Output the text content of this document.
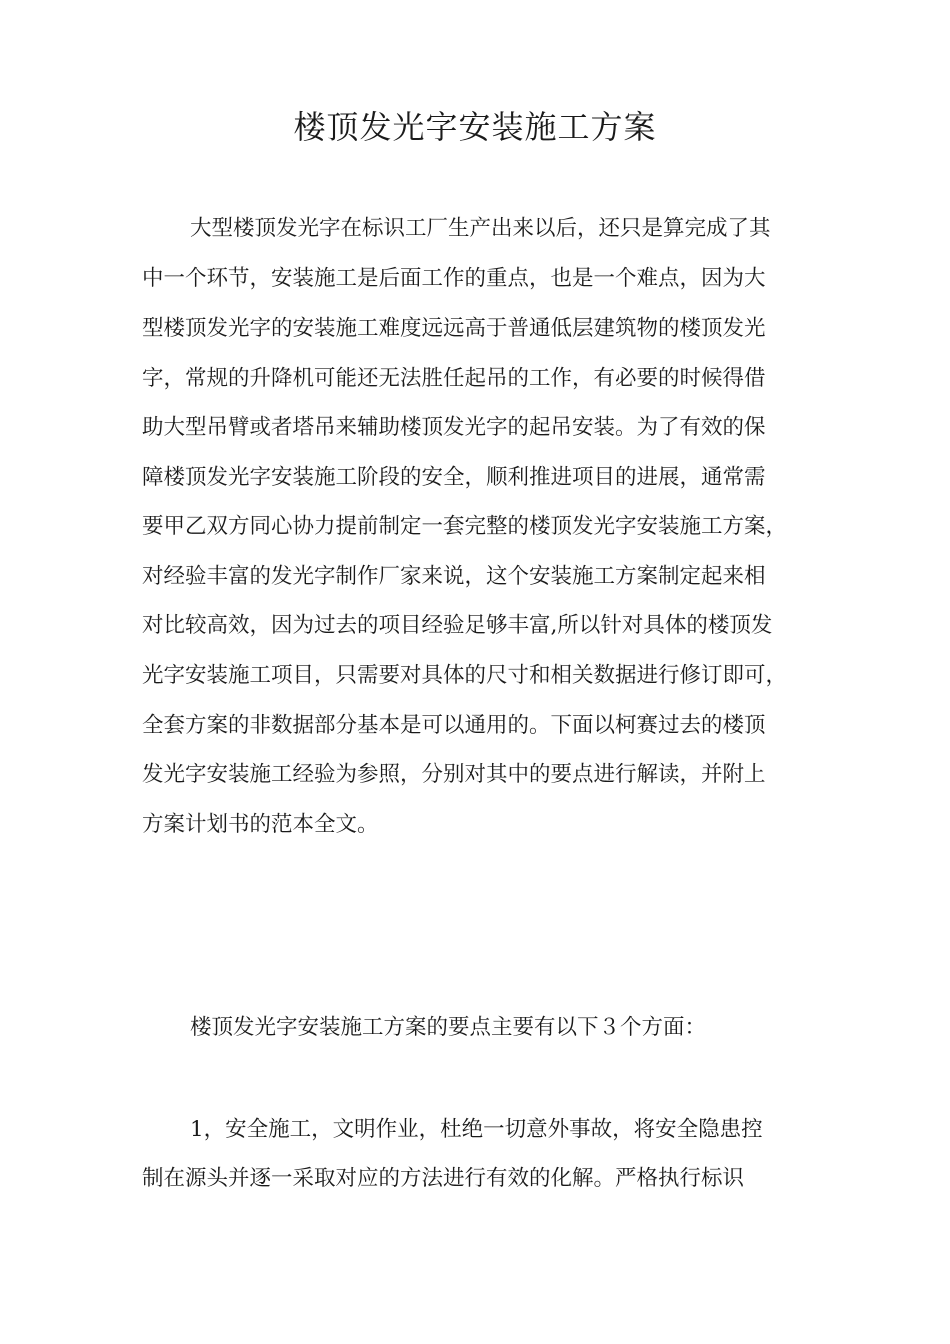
楼顶发光字安装施工方案

大型楼顶发光字在标识工厂生产出来以后，还只是算完成了其

中一个环节，安装施工是后面工作的重点，也是一个难点，因为大

型楼顶发光字的安装施工难度远远高于普通低层建筑物的楼顶发光

字，常规的升降机可能还无法胜任起吊的工作，有必要的时候得借

助大型吊臂或者塔吊来辅助楼顶发光字的起吊安装。为了有效的保

障楼顶发光字安装施工阶段的安全，顺利推进项目的进展，通常需

要甲乙双方同心协力提前制定一套完整的楼顶发光字安装施工方案，

对经验丰富的发光字制作厂家来说，这个安装施工方案制定起来相

对比较高效，因为过去的项目经验足够丰富,所以针对具体的楼顶发

光字安装施工项目，只需要对具体的尺寸和相关数据进行修订即可，

全套方案的非数据部分基本是可以通用的。下面以柯赛过去的楼顶

发光字安装施工经验为参照，分别对其中的要点进行解读，并附上

方案计划书的范本全文。

楼顶发光字安装施工方案的要点主要有以下３个方面：

1，安全施工，文明作业，杜绝一切意外事故，将安全隐患控

制在源头并逐一采取对应的方法进行有效的化解。严格执行标识
